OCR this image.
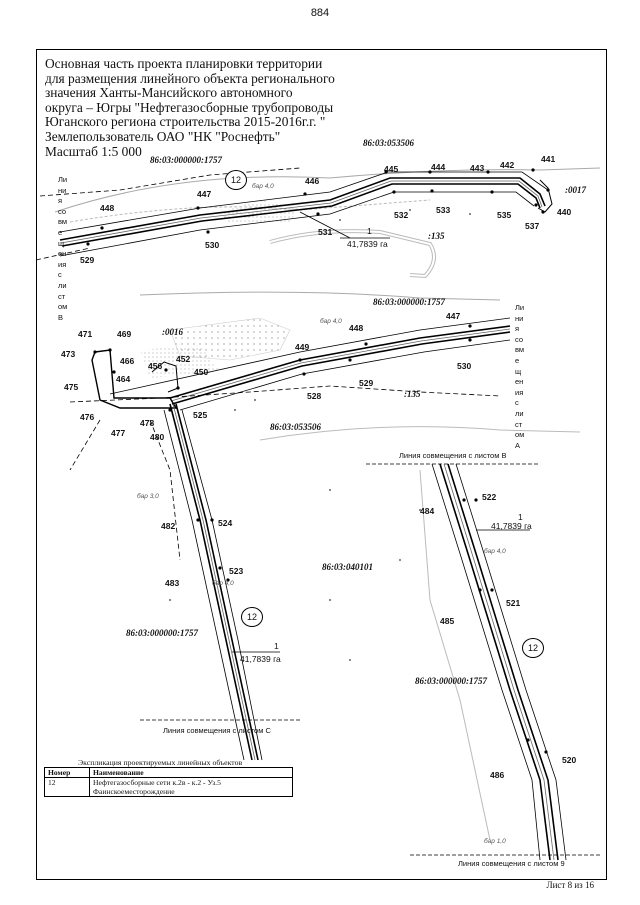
884
Основная часть проекта планировки территории
для размещения линейного объекта регионального
значения Ханты-Мансийского автономного
округа – Югры "Нефтегазосборные трубопроводы
Юганского региона строительства 2015-2016г.г. "
Землепользователь ОАО "НК "Роснефть"
Масштаб 1:5 000
86:03:053506
86:03:000000:1757
:0017
:135
86:03:000000:1757
:0016
:135
86:03:053506
86:03:040101
86:03:000000:1757
86:03:000000:1757
441
442
443
444
445
446
447
448	440
537
535
533
532
531
530
529
447
448
449
529
530
528
471	469
473
466
464
456
452
450
475
476
477
478
480
525
524
482
523
483
522
484
521
485
520
486
1
41,7839 га
1
41,7839 га
1
41,7839 га
12
12
12
бар 4,0
бар 4,0
бар 3,0
бар 4,0
бар 4,0
бар 1,0
Ли
ни
я
со
вм
е
щ
ен
ия
с
ли
ст
ом
В
Ли
ни
я
со
вм
е
щ
ен
ия
с
ли
ст
ом
А
Линия совмещения с листом В
Линия совмещения с листом С
Линия совмещения с листом 9
Экспликация проектируемых линейных объектов
Номер	Наименование
12	Нефтегазосборные сети к.2в - к.2 - Уз.5
Фаинскоеместорождение
Лист 8 из 16
